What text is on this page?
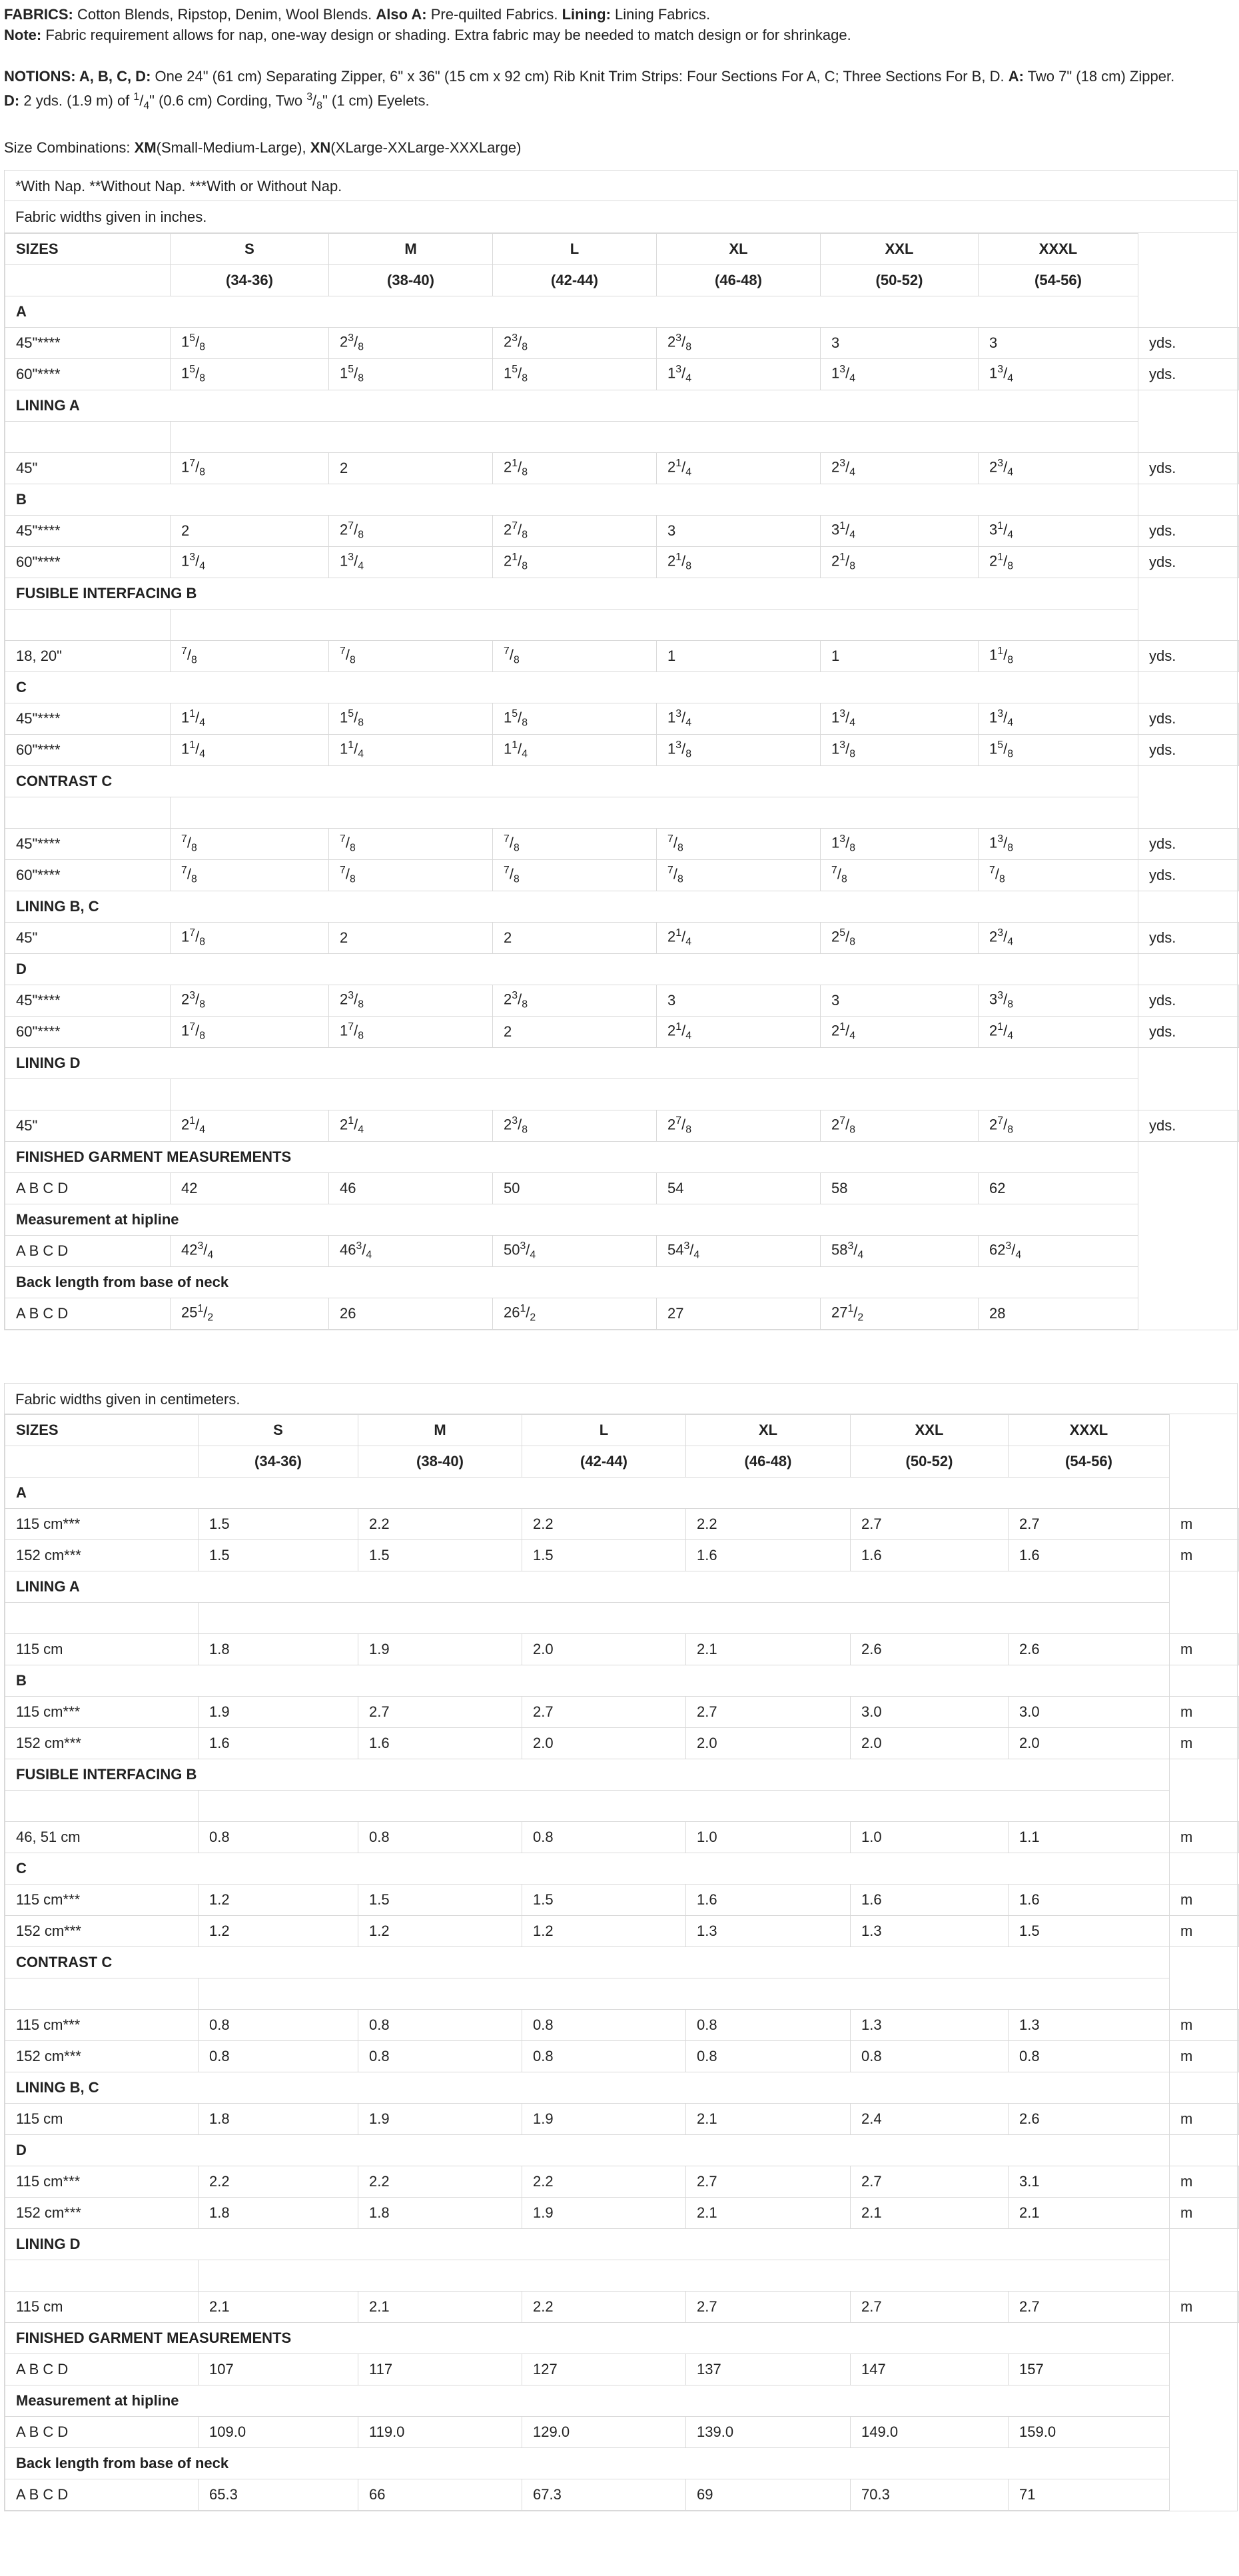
FABRICS: Cotton Blends, Ripstop, Denim, Wool Blends. Also A: Pre-quilted Fabrics. Lining: Lining Fabrics.

Note: Fabric requirement allows for nap, one-way design or shading. Extra fabric may be needed to match design or for shrinkage.

NOTIONS: A, B, C, D: One 24" (61 cm) Separating Zipper, 6" x 36" (15 cm x 92 cm) Rib Knit Trim Strips: Four Sections For A, C; Three Sections For B, D. A: Two 7" (18 cm) Zipper.

D: 2 yds. (1.9 m) of $^1/_4$" (0.6 cm) Cording, Two $^3/_8$" (1 cm) Eyelets.

Size Combinations: XM(Small-Medium-Large), XN(XLarge-XXLarge-XXXLarge)

*With Nap. **Without Nap. ***With or Without Nap.
Fabric widths given in inches.
SIZES	S	M	L	XL	XXL	XXXL	
	(34-36)	(38-40)	(42-44)	(46-48)	(50-52)	(54-56)	
A							
45"****	$1^5/_8$	$2^3/_8$	$2^3/_8$	$2^3/_8$	3	3	yds.
60"****	$1^5/_8$	$1^5/_8$	$1^5/_8$	$1^3/_4$	$1^3/_4$	$1^3/_4$	yds.
LINING A							

45"	$1^7/_8$	2	$2^1/_8$	$2^1/_4$	$2^3/_4$	$2^3/_4$	yds.
B							
45"****	2	$2^7/_8$	$2^7/_8$	3	$3^1/_4$	$3^1/_4$	yds.
60"****	$1^3/_4$	$1^3/_4$	$2^1/_8$	$2^1/_8$	$2^1/_8$	$2^1/_8$	yds.
FUSIBLE INTERFACING B							

18, 20"	$^7/_8$	$^7/_8$	$^7/_8$	1	1	$1^1/_8$	yds.
C							
45"****	$1^1/_4$	$1^5/_8$	$1^5/_8$	$1^3/_4$	$1^3/_4$	$1^3/_4$	yds.
60"****	$1^1/_4$	$1^1/_4$	$1^1/_4$	$1^3/_8$	$1^3/_8$	$1^5/_8$	yds.
CONTRAST C							

45"****	$^7/_8$	$^7/_8$	$^7/_8$	$^7/_8$	$1^3/_8$	$1^3/_8$	yds.
60"****	$^7/_8$	$^7/_8$	$^7/_8$	$^7/_8$	$^7/_8$	$^7/_8$	yds.
LINING B, C							
45"	$1^7/_8$	2	2	$2^1/_4$	$2^5/_8$	$2^3/_4$	yds.
D							
45"****	$2^3/_8$	$2^3/_8$	$2^3/_8$	3	3	$3^3/_8$	yds.
60"****	$1^7/_8$	$1^7/_8$	2	$2^1/_4$	$2^1/_4$	$2^1/_4$	yds.
LINING D							

45"	$2^1/_4$	$2^1/_4$	$2^3/_8$	$2^7/_8$	$2^7/_8$	$2^7/_8$	yds.
FINISHED GARMENT MEASUREMENTS							
A B C D	42	46	50	54	58	62	
Measurement at hipline							
A B C D	$42^3/_4$	$46^3/_4$	$50^3/_4$	$54^3/_4$	$58^3/_4$	$62^3/_4$	
Back length from base of neck							
A B C D	$25^1/_2$	26	$26^1/_2$	27	$27^1/_2$	28	
Fabric widths given in centimeters.
SIZES	S	M	L	XL	XXL	XXXL	
	(34-36)	(38-40)	(42-44)	(46-48)	(50-52)	(54-56)	
A							
115 cm***	1.5	2.2	2.2	2.2	2.7	2.7	m
152 cm***	1.5	1.5	1.5	1.6	1.6	1.6	m
LINING A							

115 cm	1.8	1.9	2.0	2.1	2.6	2.6	m
B							
115 cm***	1.9	2.7	2.7	2.7	3.0	3.0	m
152 cm***	1.6	1.6	2.0	2.0	2.0	2.0	m
FUSIBLE INTERFACING B							

46, 51 cm	0.8	0.8	0.8	1.0	1.0	1.1	m
C							
115 cm***	1.2	1.5	1.5	1.6	1.6	1.6	m
152 cm***	1.2	1.2	1.2	1.3	1.3	1.5	m
CONTRAST C							

115 cm***	0.8	0.8	0.8	0.8	1.3	1.3	m
152 cm***	0.8	0.8	0.8	0.8	0.8	0.8	m
LINING B, C							
115 cm	1.8	1.9	1.9	2.1	2.4	2.6	m
D							
115 cm***	2.2	2.2	2.2	2.7	2.7	3.1	m
152 cm***	1.8	1.8	1.9	2.1	2.1	2.1	m
LINING D							

115 cm	2.1	2.1	2.2	2.7	2.7	2.7	m
FINISHED GARMENT MEASUREMENTS							
A B C D	107	117	127	137	147	157	
Measurement at hipline							
A B C D	109.0	119.0	129.0	139.0	149.0	159.0	
Back length from base of neck							
A B C D	65.3	66	67.3	69	70.3	71	
